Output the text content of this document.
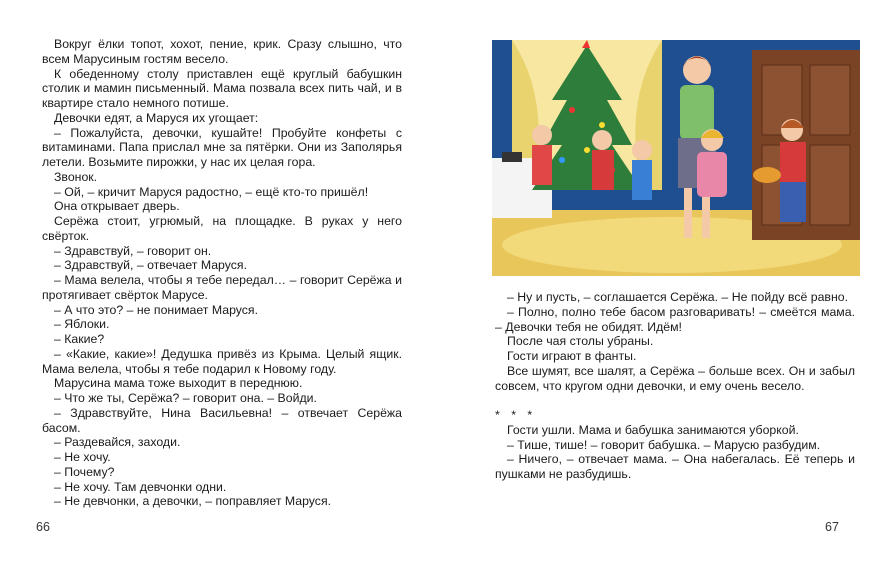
Вокруг ёлки топот, хохот, пение, крик. Сразу слышно, что всем Марусиным гостям весело.

К обеденному столу приставлен ещё круглый бабушкин столик и мамин письменный. Мама позвала всех пить чай, и в квартире стало немного потише.

Девочки едят, а Маруся их угощает:

– Пожалуйста, девочки, кушайте! Пробуйте конфеты с витаминами. Папа прислал мне за пятёрки. Они из Заполярья летели. Возьмите пирожки, у нас их целая гора.

Звонок.

– Ой, – кричит Маруся радостно, – ещё кто-то пришёл!

Она открывает дверь.

Серёжа стоит, угрюмый, на площадке. В руках у него свёрток.

– Здравствуй, – говорит он.

– Здравствуй, – отвечает Маруся.

– Мама велела, чтобы я тебе передал… – говорит Серёжа и протягивает свёрток Марусе.

– А что это? – не понимает Маруся.

– Яблоки.

– Какие?

– «Какие, какие»! Дедушка привёз из Крыма. Целый ящик. Мама велела, чтобы я тебе подарил к Новому году.

Марусина мама тоже выходит в переднюю.

– Что же ты, Серёжа? – говорит она. – Войди.

– Здравствуйте, Нина Васильевна! – отвечает Серёжа басом.

– Раздевайся, заходи.

– Не хочу.

– Почему?

– Не хочу. Там девчонки одни.

– Не девчонки, а девочки, – поправляет Маруся.

66

– Ну и пусть, – соглашается Серёжа. – Не пойду всё равно.

– Полно, полно тебе басом разговаривать! – смеётся мама. – Девочки тебя не обидят. Идём!

После чая столы убраны.

Гости играют в фанты.

Все шумят, все шалят, а Серёжа – больше всех. Он и забыл совсем, что кругом одни девочки, и ему очень весело.

* * *

Гости ушли. Мама и бабушка занимаются уборкой.

– Тише, тише! – говорит бабушка. – Марусю разбудим.

– Ничего, – отвечает мама. – Она набегалась. Её теперь и пушками не разбудишь.

67
